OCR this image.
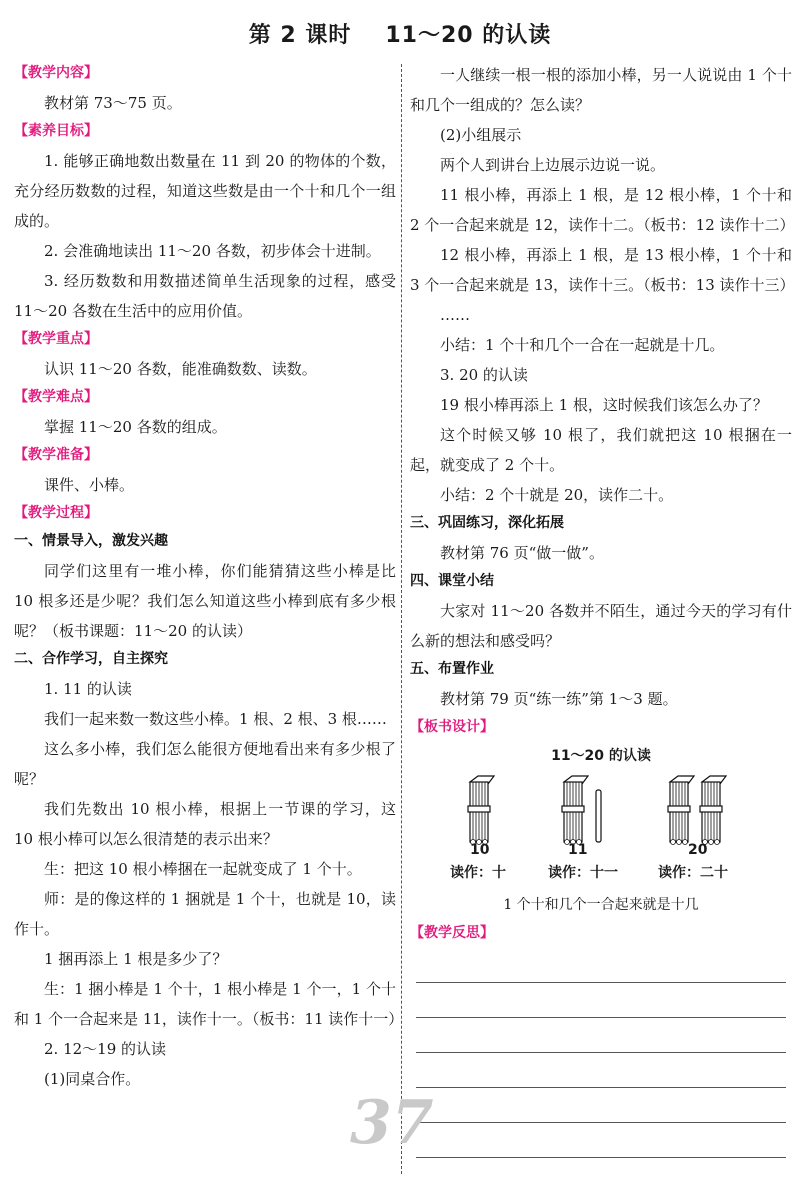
第 2 课时 11～20 的认读
【教学内容】

教材第 73～75 页。

【素养目标】

1. 能够正确地数出数量在 11 到 20 的物体的个数，充分经历数数的过程，知道这些数是由一个十和几个一组成的。

2. 会准确地读出 11～20 各数，初步体会十进制。

3. 经历数数和用数描述简单生活现象的过程，感受 11～20 各数在生活中的应用价值。

【教学重点】

认识 11～20 各数，能准确数数、读数。

【教学难点】

掌握 11～20 各数的组成。

【教学准备】

课件、小棒。

【教学过程】
一、情景导入，激发兴趣

同学们这里有一堆小棒，你们能猜猜这些小棒是比 10 根多还是少呢？我们怎么知道这些小棒到底有多少根呢？（板书课题：11～20 的认读）

二、合作学习，自主探究

1. 11 的认读

我们一起来数一数这些小棒。1 根、2 根、3 根……

这么多小棒，我们怎么能很方便地看出来有多少根了呢？

我们先数出 10 根小棒，根据上一节课的学习，这 10 根小棒可以怎么很清楚的表示出来？

生：把这 10 根小棒捆在一起就变成了 1 个十。

师：是的像这样的 1 捆就是 1 个十，也就是 10，读作十。

1 捆再添上 1 根是多少了？

生：1 捆小棒是 1 个十，1 根小棒是 1 个一，1 个十和 1 个一合起来是 11，读作十一。（板书：11 读作十一）

2. 12～19 的认读

(1)同桌合作。

一人继续一根一根的添加小棒，另一人说说由 1 个十和几个一组成的？怎么读？

(2)小组展示

两个人到讲台上边展示边说一说。

11 根小棒，再添上 1 根，是 12 根小棒，1 个十和 2 个一合起来就是 12，读作十二。（板书：12 读作十二）

12 根小棒，再添上 1 根，是 13 根小棒，1 个十和 3 个一合起来就是 13，读作十三。（板书：13 读作十三）

……

小结：1 个十和几个一合在一起就是十几。

3. 20 的认读

19 根小棒再添上 1 根，这时候我们该怎么办了？

这个时候又够 10 根了，我们就把这 10 根捆在一起，就变成了 2 个十。

小结：2 个十就是 20，读作二十。

三、巩固练习，深化拓展

教材第 76 页“做一做”。

四、课堂小结

大家对 11～20 各数并不陌生，通过今天的学习有什么新的想法和感受吗？

五、布置作业

教材第 79 页“练一练”第 1～3 题。

【板书设计】
11～20 的认读
10	11	20
读作：十	读作：十一	读作：二十
1 个十和几个一合起来就是十几
【教学反思】
37
